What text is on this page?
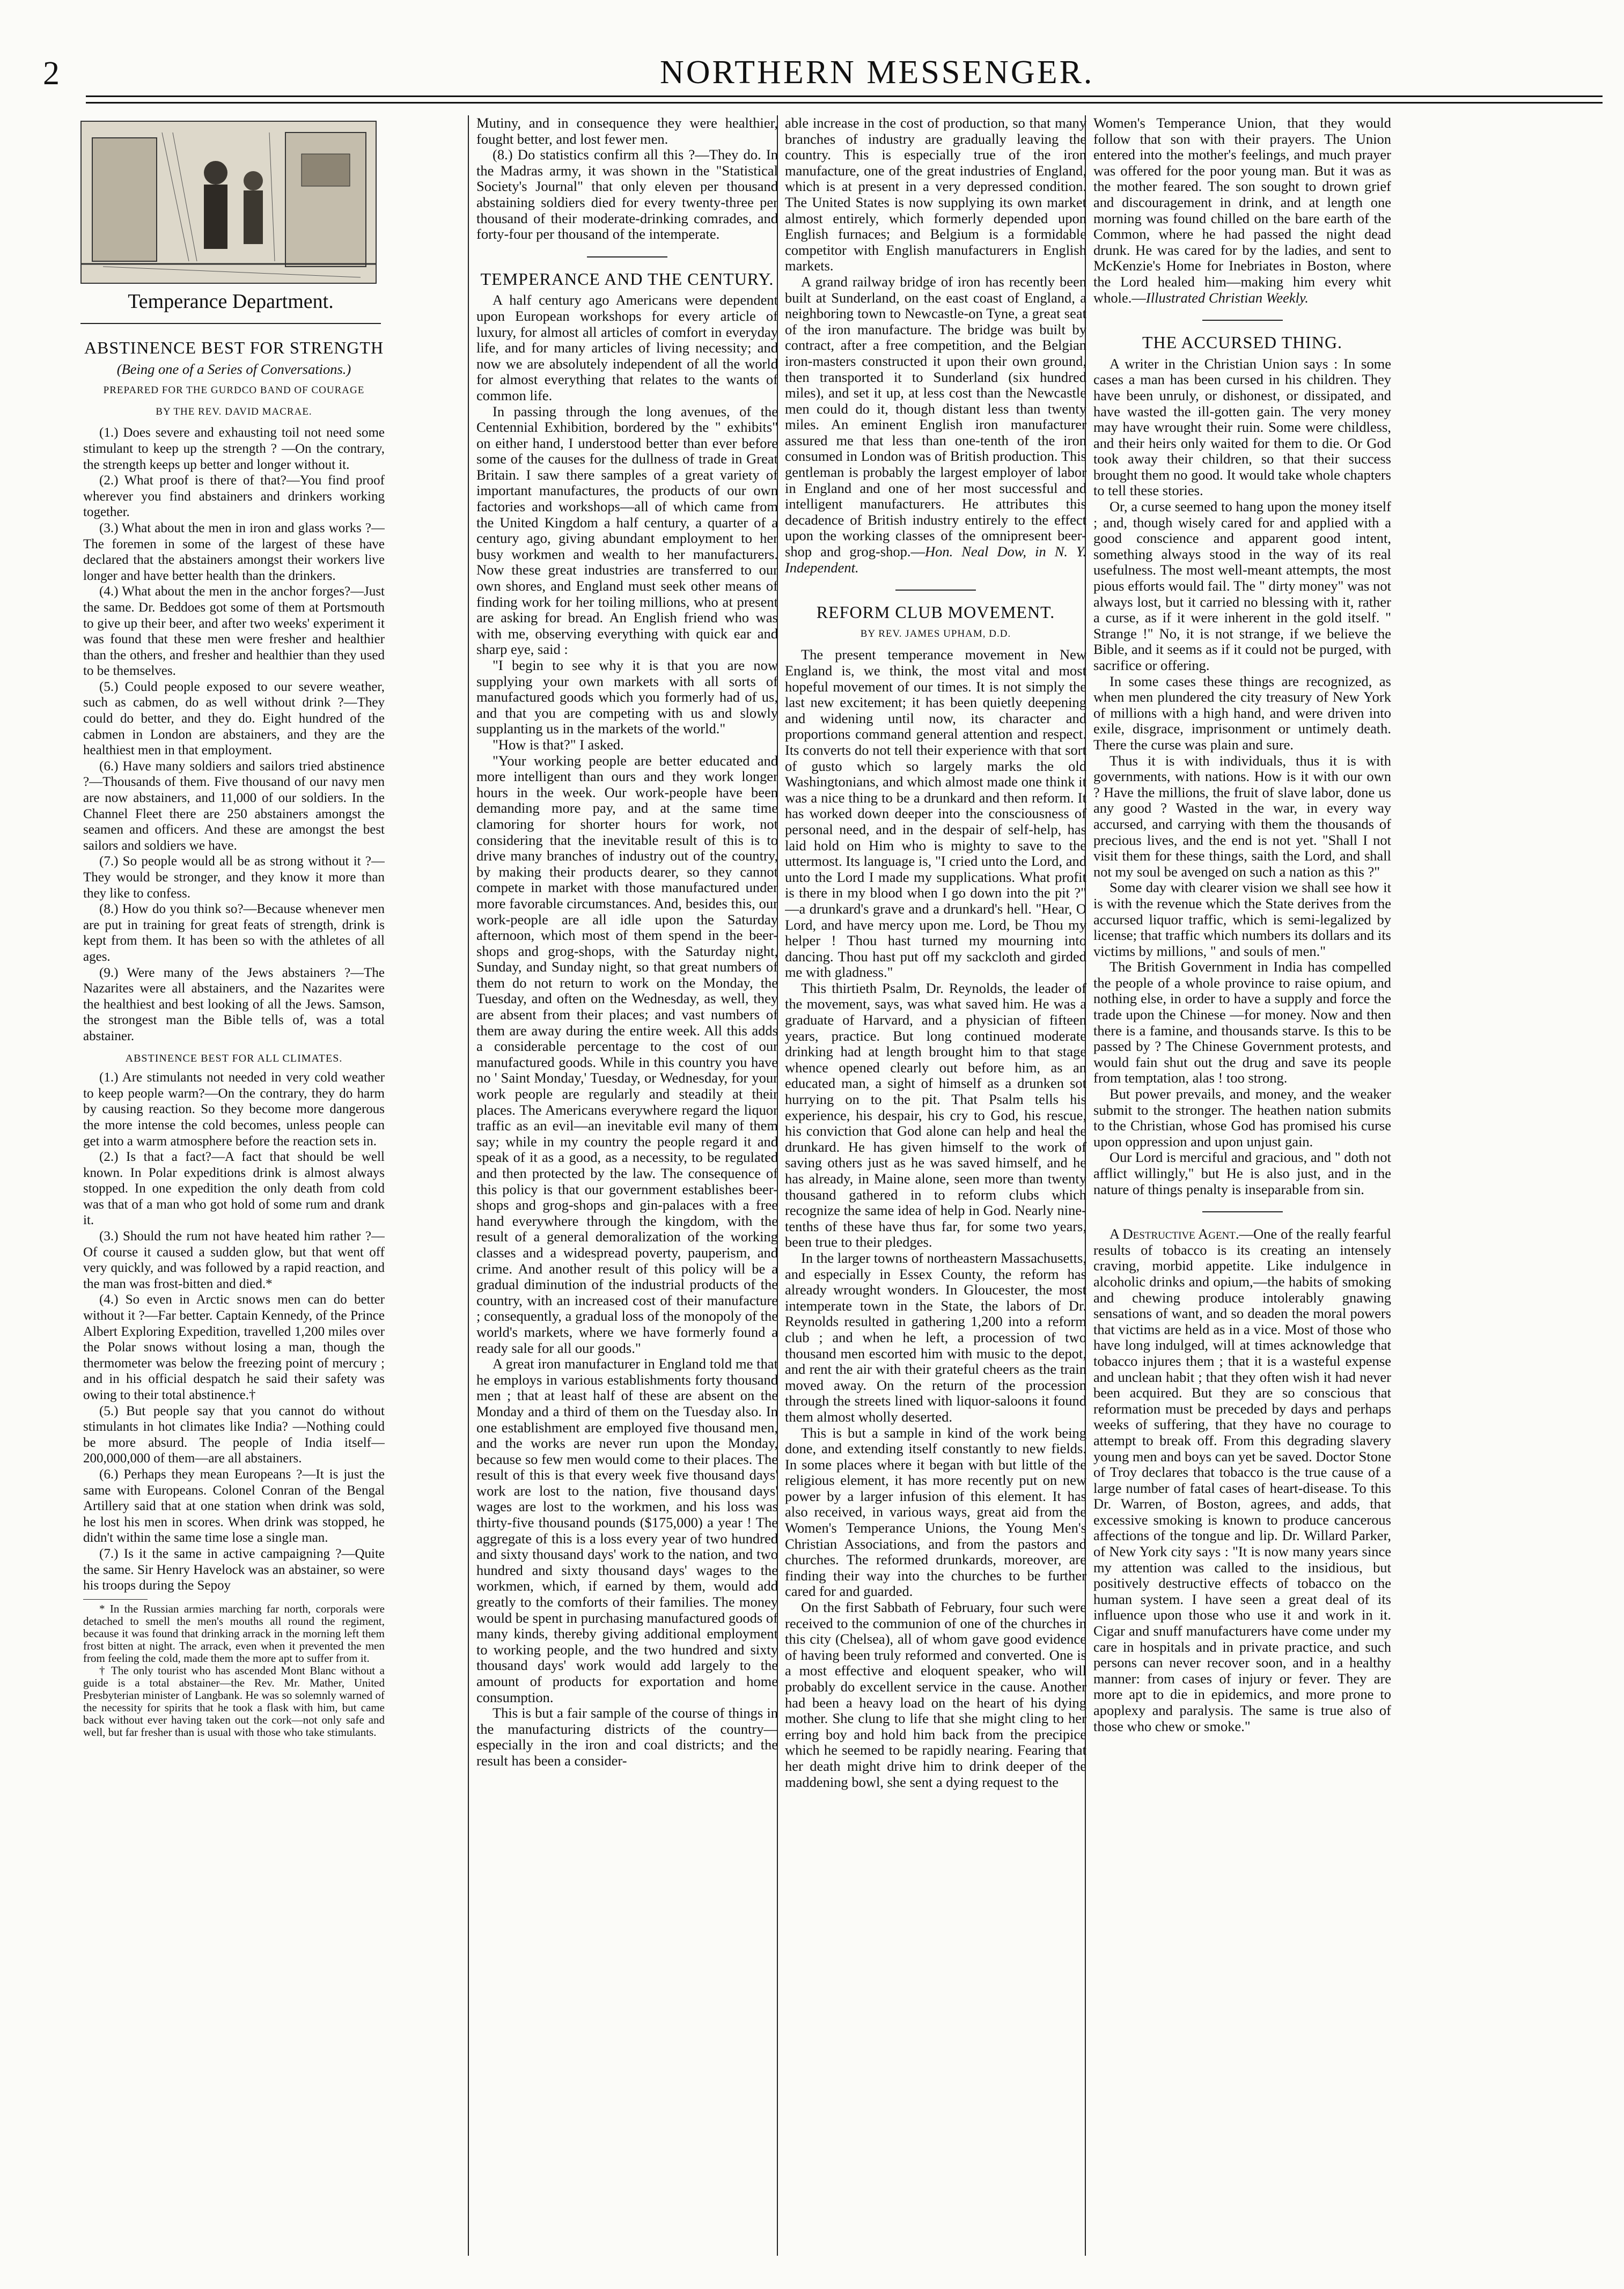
2	NORTHERN MESSENGER.
Temperance Department.
ABSTINENCE BEST FOR STRENGTH
(Being one of a Series of Conversations.)
PREPARED FOR THE GURDCO BAND OF COURAGE
BY THE REV. DAVID MACRAE.

(1.) Does severe and exhausting toil not need some stimulant to keep up the strength ? —On the contrary, the strength keeps up better and longer without it.

(2.) What proof is there of that?—You find proof wherever you find abstainers and drinkers working together.

(3.) What about the men in iron and glass works ?—The foremen in some of the largest of these have declared that the abstainers amongst their workers live longer and have better health than the drinkers.

(4.) What about the men in the anchor forges?—Just the same. Dr. Beddoes got some of them at Portsmouth to give up their beer, and after two weeks' experiment it was found that these men were fresher and healthier than the others, and fresher and healthier than they used to be themselves.

(5.) Could people exposed to our severe weather, such as cabmen, do as well without drink ?—They could do better, and they do. Eight hundred of the cabmen in London are abstainers, and they are the healthiest men in that employment.

(6.) Have many soldiers and sailors tried abstinence ?—Thousands of them. Five thousand of our navy men are now abstainers, and 11,000 of our soldiers. In the Channel Fleet there are 250 abstainers amongst the seamen and officers. And these are amongst the best sailors and soldiers we have.

(7.) So people would all be as strong without it ?—They would be stronger, and they know it more than they like to confess.

(8.) How do you think so?—Because whenever men are put in training for great feats of strength, drink is kept from them. It has been so with the athletes of all ages.

(9.) Were many of the Jews abstainers ?—The Nazarites were all abstainers, and the Nazarites were the healthiest and best looking of all the Jews. Samson, the strongest man the Bible tells of, was a total abstainer.

ABSTINENCE BEST FOR ALL CLIMATES.

(1.) Are stimulants not needed in very cold weather to keep people warm?—On the contrary, they do harm by causing reaction. So they become more dangerous the more intense the cold becomes, unless people can get into a warm atmosphere before the reaction sets in.

(2.) Is that a fact?—A fact that should be well known. In Polar expeditions drink is almost always stopped. In one expedition the only death from cold was that of a man who got hold of some rum and drank it.

(3.) Should the rum not have heated him rather ?—Of course it caused a sudden glow, but that went off very quickly, and was followed by a rapid reaction, and the man was frost-bitten and died.*

(4.) So even in Arctic snows men can do better without it ?—Far better. Captain Kennedy, of the Prince Albert Exploring Expedition, travelled 1,200 miles over the Polar snows without losing a man, though the thermometer was below the freezing point of mercury ; and in his official despatch he said their safety was owing to their total abstinence.†

(5.) But people say that you cannot do without stimulants in hot climates like India? —Nothing could be more absurd. The people of India itself—200,000,000 of them—are all abstainers.

(6.) Perhaps they mean Europeans ?—It is just the same with Europeans. Colonel Conran of the Bengal Artillery said that at one station when drink was sold, he lost his men in scores. When drink was stopped, he didn't within the same time lose a single man.

(7.) Is it the same in active campaigning ?—Quite the same. Sir Henry Havelock was an abstainer, so were his troops during the Sepoy

* In the Russian armies marching far north, corporals were detached to smell the men's mouths all round the regiment, because it was found that drinking arrack in the morning left them frost bitten at night. The arrack, even when it prevented the men from feeling the cold, made them the more apt to suffer from it.

† The only tourist who has ascended Mont Blanc without a guide is a total abstainer—the Rev. Mr. Mather, United Presbyterian minister of Langbank. He was so solemnly warned of the necessity for spirits that he took a flask with him, but came back without ever having taken out the cork—not only safe and well, but far fresher than is usual with those who take stimulants.

Mutiny, and in consequence they were healthier, fought better, and lost fewer men.

(8.) Do statistics confirm all this ?—They do. In the Madras army, it was shown in the "Statistical Society's Journal" that only eleven per thousand abstaining soldiers died for every twenty-three per thousand of their moderate-drinking comrades, and forty-four per thousand of the intemperate.

TEMPERANCE AND THE CENTURY.

A half century ago Americans were dependent upon European workshops for every article of luxury, for almost all articles of comfort in everyday life, and for many articles of living necessity; and now we are absolutely independent of all the world for almost everything that relates to the wants of common life.

In passing through the long avenues, of the Centennial Exhibition, bordered by the " exhibits" on either hand, I understood better than ever before some of the causes for the dullness of trade in Great Britain. I saw there samples of a great variety of important manufactures, the products of our own factories and workshops—all of which came from the United Kingdom a half century, a quarter of a century ago, giving abundant employment to her busy workmen and wealth to her manufacturers. Now these great industries are transferred to our own shores, and England must seek other means of finding work for her toiling millions, who at present are asking for bread. An English friend who was with me, observing everything with quick ear and sharp eye, said :

"I begin to see why it is that you are now supplying your own markets with all sorts of manufactured goods which you formerly had of us, and that you are competing with us and slowly supplanting us in the markets of the world."

"How is that?" I asked.

"Your working people are better educated and more intelligent than ours and they work longer hours in the week. Our work-people have been demanding more pay, and at the same time clamoring for shorter hours for work, not considering that the inevitable result of this is to drive many branches of industry out of the country, by making their products dearer, so they cannot compete in market with those manufactured under more favorable circumstances. And, besides this, our work-people are all idle upon the Saturday afternoon, which most of them spend in the beer-shops and grog-shops, with the Saturday night, Sunday, and Sunday night, so that great numbers of them do not return to work on the Monday, the Tuesday, and often on the Wednesday, as well, they are absent from their places; and vast numbers of them are away during the entire week. All this adds a considerable percentage to the cost of our manufactured goods. While in this country you have no ' Saint Monday,' Tuesday, or Wednesday, for your work people are regularly and steadily at their places. The Americans everywhere regard the liquor traffic as an evil—an inevitable evil many of them say; while in my country the people regard it and speak of it as a good, as a necessity, to be regulated and then protected by the law. The consequence of this policy is that our government establishes beer-shops and grog-shops and gin-palaces with a free hand everywhere through the kingdom, with the result of a general demoralization of the working classes and a widespread poverty, pauperism, and crime. And another result of this policy will be a gradual diminution of the industrial products of the country, with an increased cost of their manufacture ; consequently, a gradual loss of the monopoly of the world's markets, where we have formerly found a ready sale for all our goods."

A great iron manufacturer in England told me that he employs in various establishments forty thousand men ; that at least half of these are absent on the Monday and a third of them on the Tuesday also. In one establishment are employed five thousand men, and the works are never run upon the Monday, because so few men would come to their places. The result of this is that every week five thousand days' work are lost to the nation, five thousand days' wages are lost to the workmen, and his loss was thirty-five thousand pounds ($175,000) a year ! The aggregate of this is a loss every year of two hundred and sixty thousand days' work to the nation, and two hundred and sixty thousand days' wages to the workmen, which, if earned by them, would add greatly to the comforts of their families. The money would be spent in purchasing manufactured goods of many kinds, thereby giving additional employment to working people, and the two hundred and sixty thousand days' work would add largely to the amount of products for exportation and home consumption.

This is but a fair sample of the course of things in the manufacturing districts of the country—especially in the iron and coal districts; and the result has been a consider-

able increase in the cost of production, so that many branches of industry are gradually leaving the country. This is especially true of the iron manufacture, one of the great industries of England, which is at present in a very depressed condition. The United States is now supplying its own market almost entirely, which formerly depended upon English furnaces; and Belgium is a formidable competitor with English manufacturers in English markets.

A grand railway bridge of iron has recently been built at Sunderland, on the east coast of England, a neighboring town to Newcastle-on Tyne, a great seat of the iron manufacture. The bridge was built by contract, after a free competition, and the Belgian iron-masters constructed it upon their own ground, then transported it to Sunderland (six hundred miles), and set it up, at less cost than the Newcastle men could do it, though distant less than twenty miles. An eminent English iron manufacturer assured me that less than one-tenth of the iron consumed in London was of British production. This gentleman is probably the largest employer of labor in England and one of her most successful and intelligent manufacturers. He attributes this decadence of British industry entirely to the effect upon the working classes of the omnipresent beer-shop and grog-shop.—Hon. Neal Dow, in N. Y. Independent.

REFORM CLUB MOVEMENT.
BY REV. JAMES UPHAM, D.D.

The present temperance movement in New England is, we think, the most vital and most hopeful movement of our times. It is not simply the last new excitement; it has been quietly deepening and widening until now, its character and proportions command general attention and respect. Its converts do not tell their experience with that sort of gusto which so largely marks the old Washingtonians, and which almost made one think it was a nice thing to be a drunkard and then reform. It has worked down deeper into the consciousness of personal need, and in the despair of self-help, has laid hold on Him who is mighty to save to the uttermost. Its language is, "I cried unto the Lord, and unto the Lord I made my supplications. What profit is there in my blood when I go down into the pit ?" —a drunkard's grave and a drunkard's hell. "Hear, O Lord, and have mercy upon me. Lord, be Thou my helper ! Thou hast turned my mourning into dancing. Thou hast put off my sackcloth and girded me with gladness."

This thirtieth Psalm, Dr. Reynolds, the leader of the movement, says, was what saved him. He was a graduate of Harvard, and a physician of fifteen years, practice. But long continued moderate drinking had at length brought him to that stage whence opened clearly out before him, as an educated man, a sight of himself as a drunken sot hurrying on to the pit. That Psalm tells his experience, his despair, his cry to God, his rescue, his conviction that God alone can help and heal the drunkard. He has given himself to the work of saving others just as he was saved himself, and he has already, in Maine alone, seen more than twenty thousand gathered in to reform clubs which recognize the same idea of help in God. Nearly nine-tenths of these have thus far, for some two years, been true to their pledges.

In the larger towns of northeastern Massachusetts, and especially in Essex County, the reform has already wrought wonders. In Gloucester, the most intemperate town in the State, the labors of Dr. Reynolds resulted in gathering 1,200 into a reform club ; and when he left, a procession of two thousand men escorted him with music to the depot, and rent the air with their grateful cheers as the train moved away. On the return of the procession through the streets lined with liquor-saloons it found them almost wholly deserted.

This is but a sample in kind of the work being done, and extending itself constantly to new fields. In some places where it began with but little of the religious element, it has more recently put on new power by a larger infusion of this element. It has also received, in various ways, great aid from the Women's Temperance Unions, the Young Men's Christian Associations, and from the pastors and churches. The reformed drunkards, moreover, are finding their way into the churches to be further cared for and guarded.

On the first Sabbath of February, four such were received to the communion of one of the churches in this city (Chelsea), all of whom gave good evidence of having been truly reformed and converted. One is a most effective and eloquent speaker, who will probably do excellent service in the cause. Another had been a heavy load on the heart of his dying mother. She clung to life that she might cling to her erring boy and hold him back from the precipice which he seemed to be rapidly nearing. Fearing that her death might drive him to drink deeper of the maddening bowl, she sent a dying request to the

Women's Temperance Union, that they would follow that son with their prayers. The Union entered into the mother's feelings, and much prayer was offered for the poor young man. But it was as the mother feared. The son sought to drown grief and discouragement in drink, and at length one morning was found chilled on the bare earth of the Common, where he had passed the night dead drunk. He was cared for by the ladies, and sent to McKenzie's Home for Inebriates in Boston, where the Lord healed him—making him every whit whole.—Illustrated Christian Weekly.

THE ACCURSED THING.

A writer in the Christian Union says : In some cases a man has been cursed in his children. They have been unruly, or dishonest, or dissipated, and have wasted the ill-gotten gain. The very money may have wrought their ruin. Some were childless, and their heirs only waited for them to die. Or God took away their children, so that their success brought them no good. It would take whole chapters to tell these stories.

Or, a curse seemed to hang upon the money itself ; and, though wisely cared for and applied with a good conscience and apparent good intent, something always stood in the way of its real usefulness. The most well-meant attempts, the most pious efforts would fail. The " dirty money" was not always lost, but it carried no blessing with it, rather a curse, as if it were inherent in the gold itself. " Strange !" No, it is not strange, if we believe the Bible, and it seems as if it could not be purged, with sacrifice or offering.

In some cases these things are recognized, as when men plundered the city treasury of New York of millions with a high hand, and were driven into exile, disgrace, imprisonment or untimely death. There the curse was plain and sure.

Thus it is with individuals, thus it is with governments, with nations. How is it with our own ? Have the millions, the fruit of slave labor, done us any good ? Wasted in the war, in every way accursed, and carrying with them the thousands of precious lives, and the end is not yet. "Shall I not visit them for these things, saith the Lord, and shall not my soul be avenged on such a nation as this ?"

Some day with clearer vision we shall see how it is with the revenue which the State derives from the accursed liquor traffic, which is semi-legalized by license; that traffic which numbers its dollars and its victims by millions, " and souls of men."

The British Government in India has compelled the people of a whole province to raise opium, and nothing else, in order to have a supply and force the trade upon the Chinese —for money. Now and then there is a famine, and thousands starve. Is this to be passed by ? The Chinese Government protests, and would fain shut out the drug and save its people from temptation, alas ! too strong.

But power prevails, and money, and the weaker submit to the stronger. The heathen nation submits to the Christian, whose God has promised his curse upon oppression and upon unjust gain.

Our Lord is merciful and gracious, and " doth not afflict willingly," but He is also just, and in the nature of things penalty is inseparable from sin.

A Destructive Agent.—One of the really fearful results of tobacco is its creating an intensely craving, morbid appetite. Like indulgence in alcoholic drinks and opium,—the habits of smoking and chewing produce intolerably gnawing sensations of want, and so deaden the moral powers that victims are held as in a vice. Most of those who have long indulged, will at times acknowledge that tobacco injures them ; that it is a wasteful expense and unclean habit ; that they often wish it had never been acquired. But they are so conscious that reformation must be preceded by days and perhaps weeks of suffering, that they have no courage to attempt to break off. From this degrading slavery young men and boys can yet be saved. Doctor Stone of Troy declares that tobacco is the true cause of a large number of fatal cases of heart-disease. To this Dr. Warren, of Boston, agrees, and adds, that excessive smoking is known to produce cancerous affections of the tongue and lip. Dr. Willard Parker, of New York city says : "It is now many years since my attention was called to the insidious, but positively destructive effects of tobacco on the human system. I have seen a great deal of its influence upon those who use it and work in it. Cigar and snuff manufacturers have come under my care in hospitals and in private practice, and such persons can never recover soon, and in a healthy manner: from cases of injury or fever. They are more apt to die in epidemics, and more prone to apoplexy and paralysis. The same is true also of those who chew or smoke."
